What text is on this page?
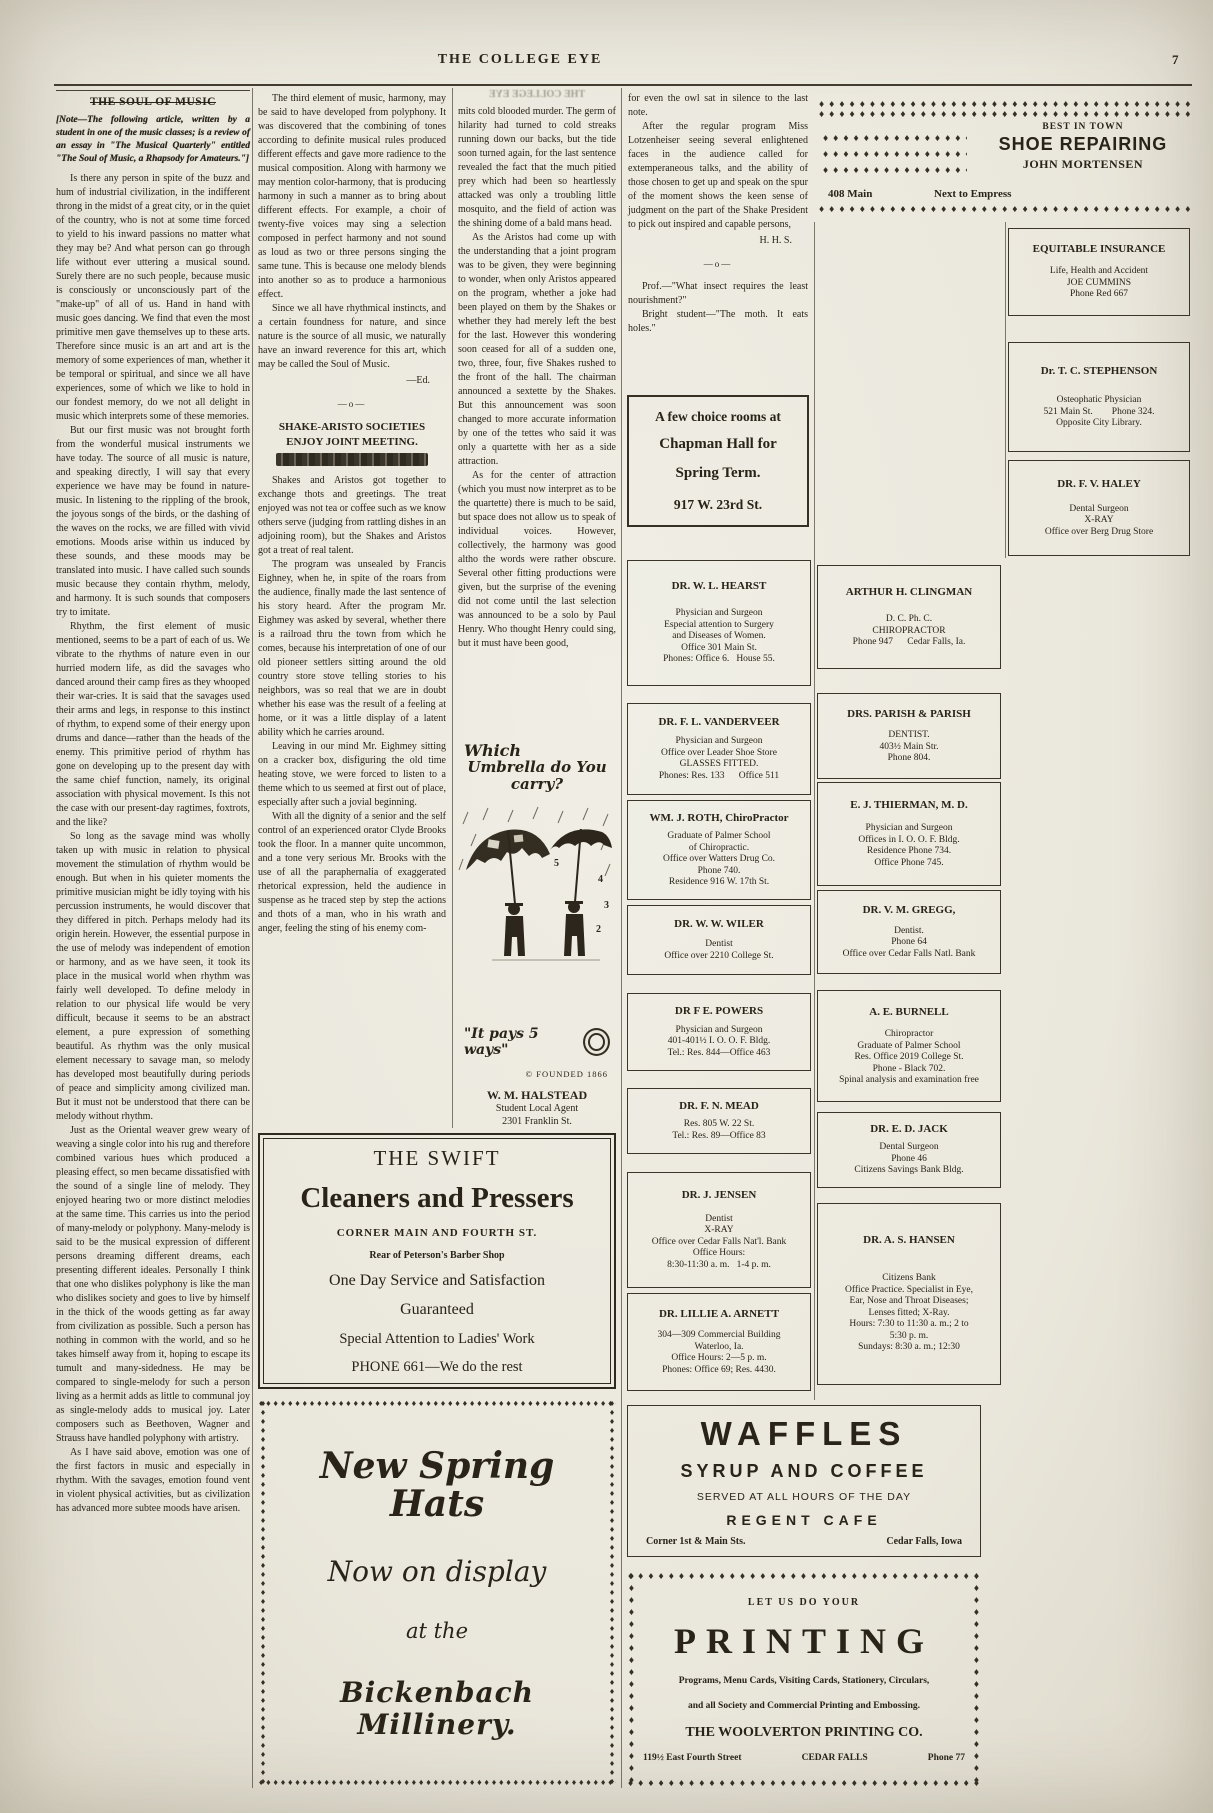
THE COLLEGE EYE	7
THE SOUL OF MUSIC
[Note—The following article, written by a student in one of the music classes; is a review of an essay in "The Musical Quarterly" entitled "The Soul of Music, a Rhapsody for Amateurs."]

Is there any person in spite of the buzz and hum of industrial civilization, in the indifferent throng in the midst of a great city, or in the quiet of the country, who is not at some time forced to yield to his inward passions no matter what they may be? And what person can go through life without ever uttering a musical sound. Surely there are no such people, because music is consciously or unconsciously part of the "make-up" of all of us. Hand in hand with music goes dancing. We find that even the most primitive men gave themselves up to these arts. Therefore since music is an art and art is the memory of some experiences of man, whether it be temporal or spiritual, and since we all have experiences, some of which we like to hold in our fondest memory, do we not all delight in music which interprets some of these memories.

But our first music was not brought forth from the wonderful musical instruments we have today. The source of all music is nature, and speaking directly, I will say that every experience we have may be found in nature-music. In listening to the rippling of the brook, the joyous songs of the birds, or the dashing of the waves on the rocks, we are filled with vivid emotions. Moods arise within us induced by these sounds, and these moods may be translated into music. I have called such sounds music because they contain rhythm, melody, and harmony. It is such sounds that composers try to imitate.

Rhythm, the first element of music mentioned, seems to be a part of each of us. We vibrate to the rhythms of nature even in our hurried modern life, as did the savages who danced around their camp fires as they whooped their war-cries. It is said that the savages used their arms and legs, in response to this instinct of rhythm, to expend some of their energy upon drums and dance—rather than the heads of the enemy. This primitive period of rhythm has gone on developing up to the present day with the same chief function, namely, its original association with physical movement. Is this not the case with our present-day ragtimes, foxtrots, and the like?

So long as the savage mind was wholly taken up with music in relation to physical movement the stimulation of rhythm would be enough. But when in his quieter moments the primitive musician might be idly toying with his percussion instruments, he would discover that they differed in pitch. Perhaps melody had its origin herein. However, the essential purpose in the use of melody was independent of emotion or harmony, and as we have seen, it took its place in the musical world when rhythm was fairly well developed. To define melody in relation to our physical life would be very difficult, because it seems to be an abstract element, a pure expression of something beautiful. As rhythm was the only musical element necessary to savage man, so melody has developed most beautifully during periods of peace and simplicity among civilized man. But it must not be understood that there can be melody without rhythm.

Just as the Oriental weaver grew weary of weaving a single color into his rug and therefore combined various hues which produced a pleasing effect, so men became dissatisfied with the sound of a single line of melody. They enjoyed hearing two or more distinct melodies at the same time. This carries us into the period of many-melody or polyphony. Many-melody is said to be the musical expression of different persons dreaming different dreams, each presenting different ideales. Personally I think that one who dislikes polyphony is like the man who dislikes society and goes to live by himself in the thick of the woods getting as far away from civilization as possible. Such a person has nothing in common with the world, and so he takes himself away from it, hoping to escape its tumult and many-sidedness. He may be compared to single-melody for such a person living as a hermit adds as little to communal joy as single-melody adds to musical joy. Later composers such as Beethoven, Wagner and Strauss have handled polyphony with artistry.

As I have said above, emotion was one of the first factors in music and especially in rhythm. With the savages, emotion found vent in violent physical activities, but as civilization has advanced more subtee moods have arisen.

The third element of music, harmony, may be said to have developed from polyphony. It was discovered that the combining of tones according to definite musical rules produced different effects and gave more radience to the musical composition. Along with harmony we may mention color-harmony, that is producing harmony in such a manner as to bring about different effects. For example, a choir of twenty-five voices may sing a selection composed in perfect harmony and not sound as loud as two or three persons singing the same tune. This is because one melody blends into another so as to produce a harmonious effect.

Since we all have rhythmical instincts, and a certain foundness for nature, and since nature is the source of all music, we naturally have an inward reverence for this art, which may be called the Soul of Music.

—Ed.
—o—
SHAKE-ARISTO SOCIETIES
ENJOY JOINT MEETING.

Shakes and Aristos got together to exchange thots and greetings. The treat enjoyed was not tea or coffee such as we know others serve (judging from rattling dishes in an adjoining room), but the Shakes and Aristos got a treat of real talent.

The program was unsealed by Francis Eighney, when he, in spite of the roars from the audience, finally made the last sentence of his story heard. After the program Mr. Eighmey was asked by several, whether there is a railroad thru the town from which he comes, because his interpretation of one of our old pioneer settlers sitting around the old country store stove telling stories to his neighbors, was so real that we are in doubt whether his ease was the result of a feeling at home, or it was a little display of a latent ability which he carries around.

Leaving in our mind Mr. Eighmey sitting on a cracker box, disfiguring the old time heating stove, we were forced to listen to a theme which to us seemed at first out of place, especially after such a jovial beginning.

With all the dignity of a senior and the self control of an experienced orator Clyde Brooks took the floor. In a manner quite uncommon, and a tone very serious Mr. Brooks with the use of all the paraphernalia of exaggerated rhetorical expression, held the audience in suspense as he traced step by step the actions and thots of a man, who in his wrath and anger, feeling the sting of his enemy com-

THE COLLEGE EYE

mits cold blooded murder. The germ of hilarity had turned to cold streaks running down our backs, but the tide soon turned again, for the last sentence revealed the fact that the much pitied prey which had been so heartlessly attacked was only a troubling little mosquito, and the field of action was the shining dome of a bald mans head.

As the Aristos had come up with the understanding that a joint program was to be given, they were beginning to wonder, when only Aristos appeared on the program, whether a joke had been played on them by the Shakes or whether they had merely left the best for the last. However this wondering soon ceased for all of a sudden one, two, three, four, five Shakes rushed to the front of the hall. The chairman announced a sextette by the Shakes. But this announcement was soon changed to more accurate information by one of the tettes who said it was only a quartette with her as a side attraction.

As for the center of attraction (which you must now interpret as to be the quartette) there is much to be said, but space does not allow us to speak of individual voices. However, collectively, the harmony was good altho the words were rather obscure. Several other fitting productions were given, but the surprise of the evening did not come until the last selection was announced to be a solo by Paul Henry. Who thought Henry could sing, but it must have been good,

for even the owl sat in silence to the last note.

After the regular program Miss Lotzenheiser seeing several enlightened faces in the audience called for extemperaneous talks, and the ability of those chosen to get up and speak on the spur of the moment shows the keen sense of judgment on the part of the Shake President to pick out inspired and capable persons,

H. H. S.
—o—

Prof.—"What insect requires the least nourishment?"

Bright student—"The moth. It eats holes."

♦♦♦♦♦♦♦♦♦♦♦♦♦♦♦♦♦♦♦♦♦♦♦♦♦♦♦♦♦♦♦♦♦♦♦♦♦♦♦♦♦♦♦♦♦♦♦♦♦♦♦♦♦♦♦♦♦♦♦♦♦♦♦♦♦♦♦♦♦♦
♦♦♦♦♦♦♦♦♦♦♦♦♦♦♦♦♦♦♦♦♦♦♦♦♦♦♦♦♦♦♦♦♦♦♦♦♦♦♦♦♦♦♦♦♦♦♦♦♦♦♦♦♦♦♦♦♦♦♦♦♦♦♦♦♦♦♦♦♦♦
♦♦♦♦♦♦♦♦♦♦♦♦♦♦♦♦♦♦♦♦♦♦♦♦♦♦♦♦♦♦♦♦♦♦♦♦♦♦♦♦♦♦♦♦♦♦♦♦♦♦♦♦♦♦♦♦♦♦♦♦♦♦♦♦♦♦♦♦♦♦
♦♦♦♦♦♦♦♦♦♦♦♦♦♦♦♦♦♦♦♦♦♦♦♦♦♦♦♦♦♦♦♦♦♦♦♦♦♦♦♦♦♦♦♦♦♦♦♦♦♦♦♦♦♦♦♦♦♦♦♦♦♦♦♦♦♦♦♦♦♦
♦♦♦♦♦♦♦♦♦♦♦♦♦♦♦♦♦♦♦♦♦♦♦♦♦♦♦♦♦♦♦♦♦♦♦♦♦♦♦♦♦♦♦♦♦♦♦♦♦♦♦♦♦♦♦♦♦♦♦♦♦♦♦♦♦♦♦♦♦♦
BEST IN TOWN
SHOE REPAIRING
JOHN MORTENSEN
408 Main	Next to Empress
♦♦♦♦♦♦♦♦♦♦♦♦♦♦♦♦♦♦♦♦♦♦♦♦♦♦♦♦♦♦♦♦♦♦♦♦♦♦♦♦♦♦♦♦♦♦♦♦♦♦♦♦♦♦♦♦♦♦♦♦♦♦♦♦♦♦♦♦♦♦
A few choice rooms at
Chapman Hall for
Spring Term.
917 W. 23rd St.
DR. W. L. HEARST
Physician and Surgeon
Especial attention to Surgery
and Diseases of Women.
Office 301 Main St.
Phones: Office 6.   House 55.
DR. F. L. VANDERVEER
Physician and Surgeon
Office over Leader Shoe Store
GLASSES FITTED.
Phones: Res. 133      Office 511
WM. J. ROTH, ChiroPractor
Graduate of Palmer School
of Chiropractic.
Office over Watters Drug Co.
Phone 740.
Residence 916 W. 17th St.
DR. W. W. WILER
Dentist
Office over 2210 College St.
DR F E. POWERS
Physician and Surgeon
401-401½ I. O. O. F. Bldg.
Tel.: Res. 844—Office 463
DR. F. N. MEAD
Res. 805 W. 22 St.
Tel.: Res. 89—Office 83
DR. J. JENSEN
Dentist
X-RAY
Office over Cedar Falls Nat'l. Bank
Office Hours:
8:30-11:30 a. m.   1-4 p. m.
DR. LILLIE A. ARNETT
304—309 Commercial Building
Waterloo, Ia.
Office Hours: 2—5 p. m.
Phones: Office 69; Res. 4430.
ARTHUR H. CLINGMAN
D. C. Ph. C.
CHIROPRACTOR
Phone 947      Cedar Falls, Ia.
DRS. PARISH & PARISH
DENTIST.
403½ Main Str.
Phone 804.
E. J. THIERMAN, M. D.
Physician and Surgeon
Offices in I. O. O. F. Bldg.
Residence Phone 734.
Office Phone 745.
DR. V. M. GREGG,
Dentist.
Phone 64
Office over Cedar Falls Natl. Bank
A. E. BURNELL
Chiropractor
Graduate of Palmer School
Res. Office 2019 College St.
Phone - Black 702.
Spinal analysis and examination free
DR. E. D. JACK
Dental Surgeon
Phone 46
Citizens Savings Bank Bldg.
DR. A. S. HANSEN
Citizens Bank
Office Practice. Specialist in Eye,
Ear, Nose and Throat Diseases;
Lenses fitted; X-Ray.
Hours: 7:30 to 11:30 a. m.; 2 to
5:30 p. m.
Sundays: 8:30 a. m.; 12:30
EQUITABLE INSURANCE
Life, Health and Accident
JOE CUMMINS
Phone Red 667
Dr. T. C. STEPHENSON
Osteophatic Physician
521 Main St.        Phone 324.
Opposite City Library.
DR. F. V. HALEY
Dental Surgeon
X-RAY
Office over Berg Drug Store
Which
Umbrella do You carry?
5
4
3
2
"It pays 5 ways"
© FOUNDED 1866
W. M. HALSTEAD
Student Local Agent
2301 Franklin St.
THE SWIFT
Cleaners and Pressers
CORNER MAIN AND FOURTH ST.
Rear of Peterson's Barber Shop
One Day Service and Satisfaction
Guaranteed
Special Attention to Ladies' Work
PHONE 661—We do the rest
♦♦♦♦♦♦♦♦♦♦♦♦♦♦♦♦♦♦♦♦♦♦♦♦♦♦♦♦♦♦♦♦♦♦♦♦♦♦♦♦♦♦♦♦♦♦♦♦♦♦♦♦♦♦♦♦♦♦♦♦♦♦♦♦♦♦♦♦♦♦
♦♦♦♦♦♦♦♦♦♦♦♦♦♦♦♦♦♦♦♦♦♦♦♦♦♦♦♦♦♦♦♦♦♦♦♦♦♦♦♦♦♦♦♦♦♦♦♦♦♦♦♦♦♦♦♦♦♦♦♦♦♦♦♦♦♦♦♦♦♦
♦♦♦♦♦♦♦♦♦♦♦♦♦♦♦♦♦♦♦♦♦♦♦♦♦♦♦♦♦♦♦♦♦♦♦♦♦♦♦♦♦♦♦♦♦♦♦♦♦♦♦♦♦♦♦♦♦♦♦♦♦♦♦♦♦♦♦♦♦♦
♦♦♦♦♦♦♦♦♦♦♦♦♦♦♦♦♦♦♦♦♦♦♦♦♦♦♦♦♦♦♦♦♦♦♦♦♦♦♦♦♦♦♦♦♦♦♦♦♦♦♦♦♦♦♦♦♦♦♦♦♦♦♦♦♦♦♦♦♦♦
New Spring Hats
Now on display
at the
Bickenbach Millinery.
WAFFLES
SYRUP AND COFFEE
SERVED AT ALL HOURS OF THE DAY
REGENT CAFE
Corner 1st & Main Sts.	Cedar Falls, Iowa
♦♦♦♦♦♦♦♦♦♦♦♦♦♦♦♦♦♦♦♦♦♦♦♦♦♦♦♦♦♦♦♦♦♦♦♦♦♦♦♦♦♦♦♦♦♦♦♦♦♦♦♦♦♦♦♦♦♦♦♦♦♦♦♦♦♦♦♦♦♦
♦♦♦♦♦♦♦♦♦♦♦♦♦♦♦♦♦♦♦♦♦♦♦♦♦♦♦♦♦♦♦♦♦♦♦♦♦♦♦♦♦♦♦♦♦♦♦♦♦♦♦♦♦♦♦♦♦♦♦♦♦♦♦♦♦♦♦♦♦♦
♦♦♦♦♦♦♦♦♦♦♦♦♦♦♦♦♦♦♦♦♦♦♦♦♦♦♦♦♦♦♦♦♦♦♦♦♦♦♦♦♦♦♦♦♦♦♦♦♦♦♦♦♦♦♦♦♦♦♦♦♦♦♦♦♦♦♦♦♦♦
♦♦♦♦♦♦♦♦♦♦♦♦♦♦♦♦♦♦♦♦♦♦♦♦♦♦♦♦♦♦♦♦♦♦♦♦♦♦♦♦♦♦♦♦♦♦♦♦♦♦♦♦♦♦♦♦♦♦♦♦♦♦♦♦♦♦♦♦♦♦
LET US DO YOUR
PRINTING
Programs, Menu Cards, Visiting Cards, Stationery, Circulars,
and all Society and Commercial Printing and Embossing.
THE WOOLVERTON PRINTING CO.
119½ East Fourth Street	CEDAR FALLS	Phone 77
